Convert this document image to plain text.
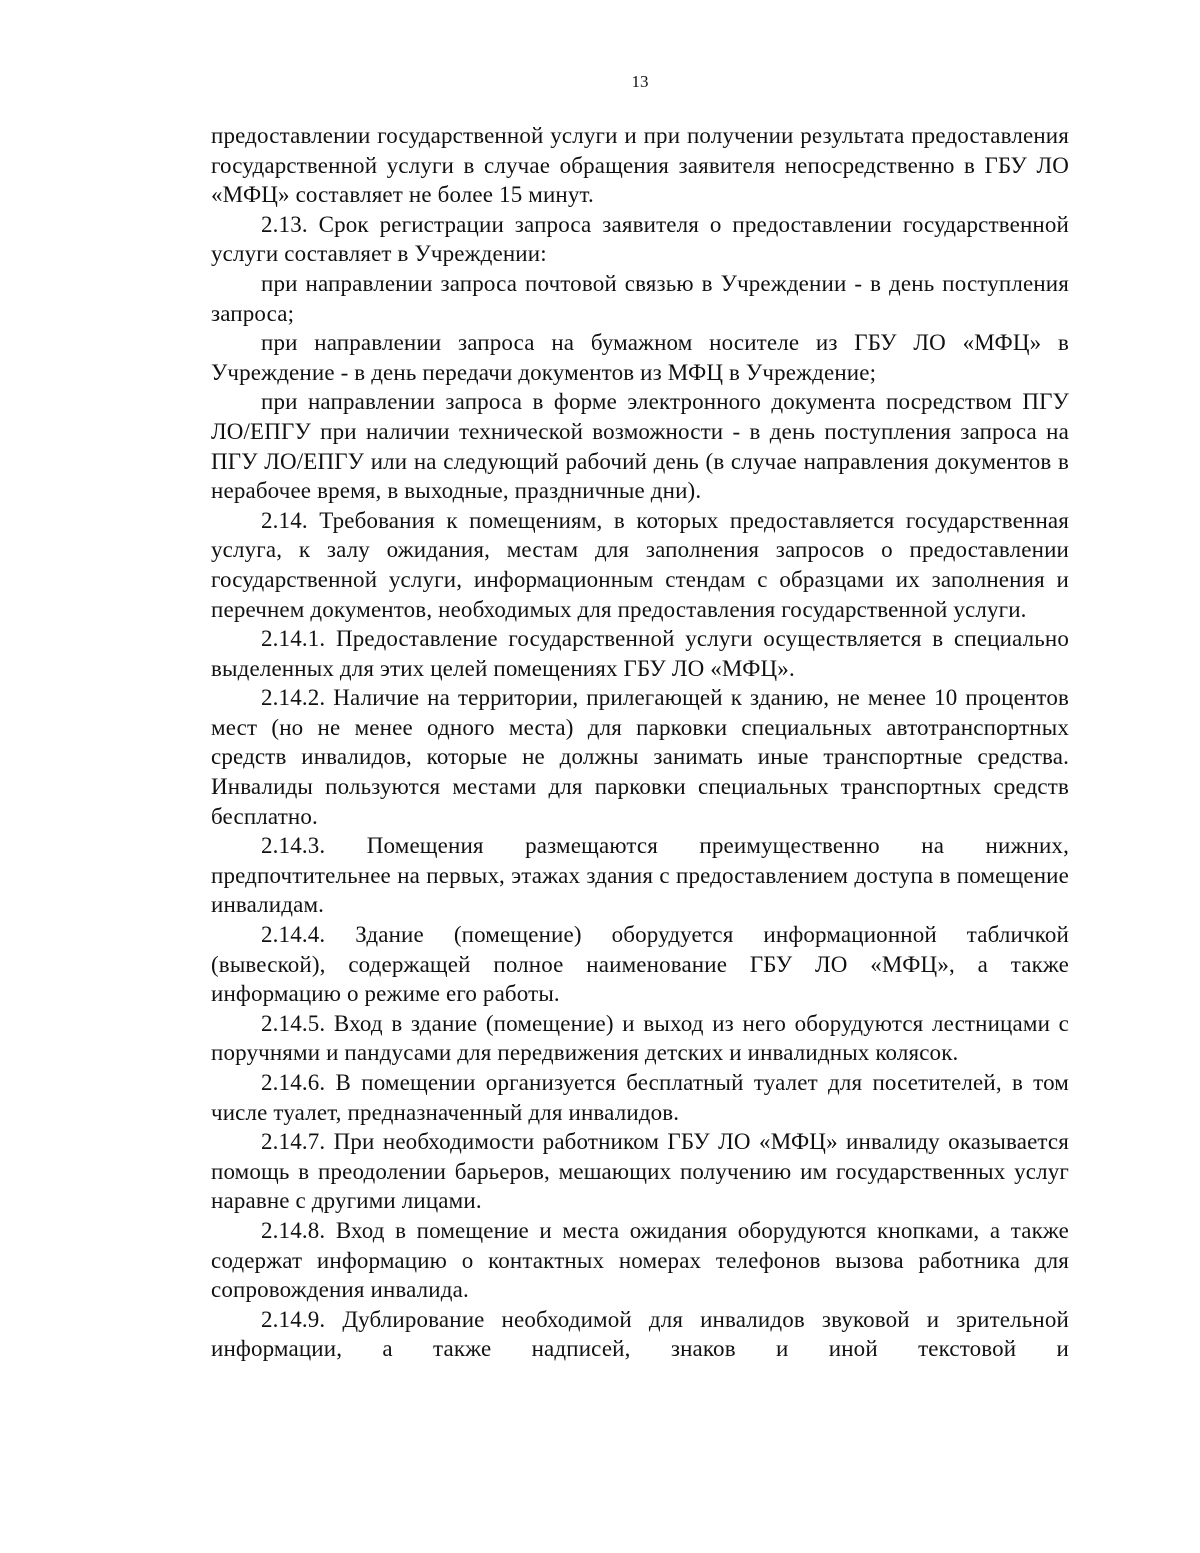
13

предоставлении государственной услуги и при получении результата предоставления государственной услуги в случае обращения заявителя непосредственно в ГБУ ЛО «МФЦ» составляет не более 15 минут.

2.13. Срок регистрации запроса заявителя о предоставлении государственной услуги составляет в Учреждении:

при направлении запроса почтовой связью в Учреждении - в день поступления запроса;

при направлении запроса на бумажном носителе из ГБУ ЛО «МФЦ» в Учреждение - в день передачи документов из МФЦ в Учреждение;

при направлении запроса в форме электронного документа посредством ПГУ ЛО/ЕПГУ при наличии технической возможности - в день поступления запроса на ПГУ ЛО/ЕПГУ или на следующий рабочий день (в случае направления документов в нерабочее время, в выходные, праздничные дни).

2.14. Требования к помещениям, в которых предоставляется государственная услуга, к залу ожидания, местам для заполнения запросов о предоставлении государственной услуги, информационным стендам с образцами их заполнения и перечнем документов, необходимых для предоставления государственной услуги.

2.14.1. Предоставление государственной услуги осуществляется в специально выделенных для этих целей помещениях ГБУ ЛО «МФЦ».

2.14.2. Наличие на территории, прилегающей к зданию, не менее 10 процентов мест (но не менее одного места) для парковки специальных автотранспортных средств инвалидов, которые не должны занимать иные транспортные средства. Инвалиды пользуются местами для парковки специальных транспортных средств бесплатно.

2.14.3. Помещения размещаются преимущественно на нижних, предпочтительнее на первых, этажах здания с предоставлением доступа в помещение инвалидам.

2.14.4. Здание (помещение) оборудуется информационной табличкой (вывеской), содержащей полное наименование ГБУ ЛО «МФЦ», а также информацию о режиме его работы.

2.14.5. Вход в здание (помещение) и выход из него оборудуются лестницами с поручнями и пандусами для передвижения детских и инвалидных колясок.

2.14.6. В помещении организуется бесплатный туалет для посетителей, в том числе туалет, предназначенный для инвалидов.

2.14.7. При необходимости работником ГБУ ЛО «МФЦ» инвалиду оказывается помощь в преодолении барьеров, мешающих получению им государственных услуг наравне с другими лицами.

2.14.8. Вход в помещение и места ожидания оборудуются кнопками, а также содержат информацию о контактных номерах телефонов вызова работника для сопровождения инвалида.

2.14.9. Дублирование необходимой для инвалидов звуковой и зрительной информации, а также надписей, знаков и иной текстовой и
